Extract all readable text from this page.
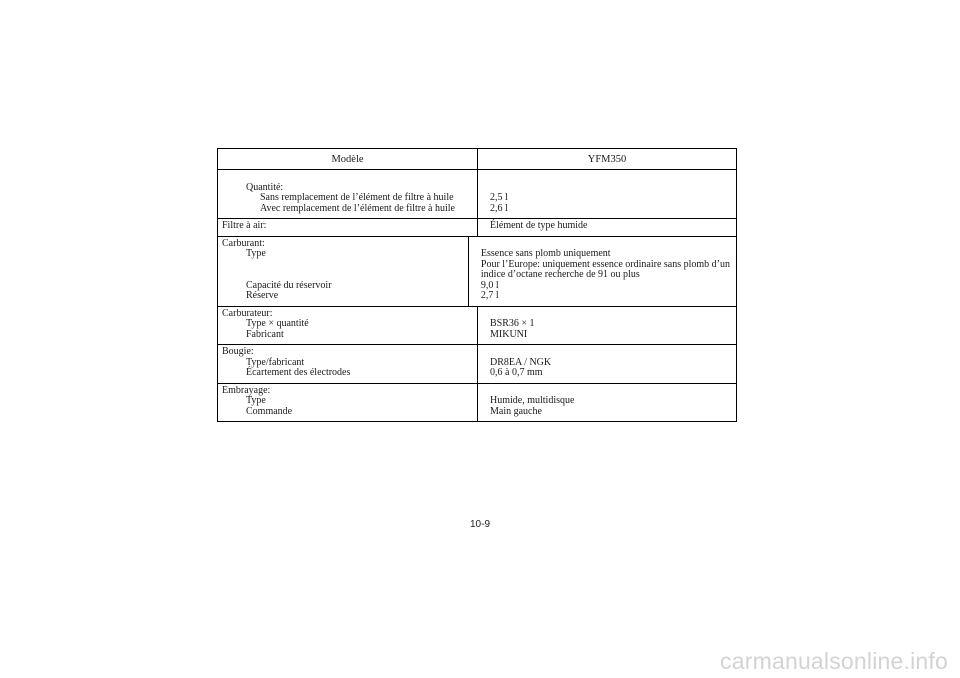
Modèle	YFM350
Quantité:
Sans remplacement de l’élément de filtre à huile
Avec remplacement de l’élément de filtre à huile
2,5 l
2,6 l
Filtre à air:	Élément de type humide
Carburant:
Type
Capacité du réservoir
Réserve
Essence sans plomb uniquement
Pour l’Europe: uniquement essence ordinaire sans plomb d’un
indice d’octane recherche de 91 ou plus
9,0 l
2,7 l
Carburateur:
Type × quantité
Fabricant
BSR36 × 1
MIKUNI
Bougie:
Type/fabricant
Écartement des électrodes
DR8EA / NGK
0,6 à 0,7 mm
Embrayage:
Type
Commande
Humide, multidisque
Main gauche
10-9
carmanualsonline.info
